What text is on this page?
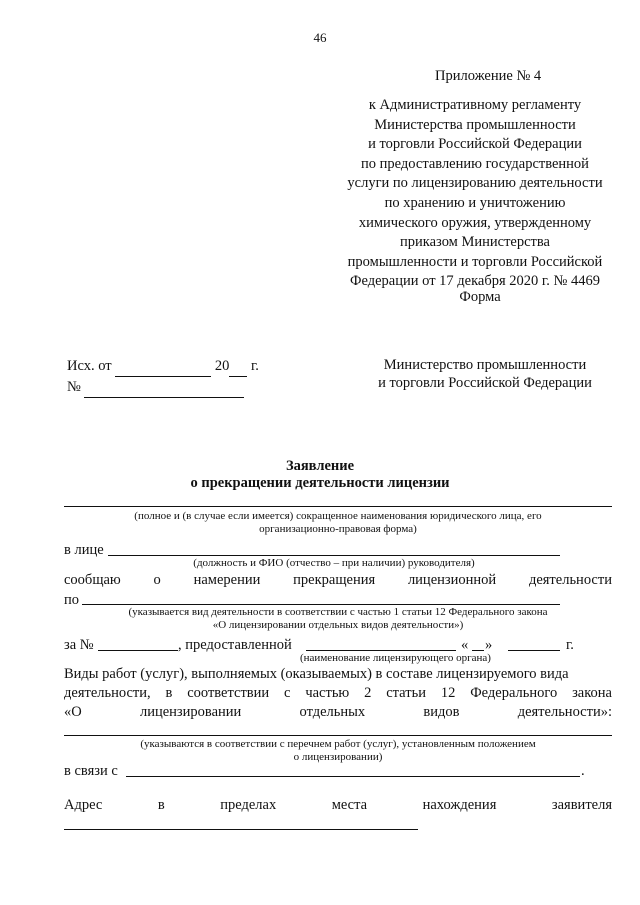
46
Приложение № 4
к Административному регламенту
Министерства промышленности
и торговли Российской Федерации
по предоставлению государственной
услуги по лицензированию деятельности
по хранению и уничтожению
химического оружия, утвержденному
приказом Министерства
промышленности и торговли Российской
Федерации от 17 декабря 2020 г. № 4469
Форма
Исх. от	20 г.
№
Министерство промышленности
и торговли Российской Федерации
Заявление
о прекращении деятельности лицензии
(полное и (в случае если имеется) сокращенное наименования юридического лица, его
организационно-правовая форма)
в лице
(должность и ФИО (отчество – при наличии) руководителя)
сообщаю о намерении прекращения лицензионной деятельности
по
(указывается вид деятельности в соответствии с частью 1 статьи 12 Федерального закона
«О лицензировании отдельных видов деятельности»)
за №	, предоставленной	« »	г.
(наименование лицензирующего органа)
Виды работ (услуг), выполняемых (оказываемых) в составе лицензируемого вида
деятельности, в соответствии с частью 2 статьи 12 Федерального закона
«О	лицензировании	отдельных	видов	деятельности»:
(указываются в соответствии с перечнем работ (услуг), установленным положением
о лицензировании)
в связи с	.
Адрес	в	пределах	места	нахождения	заявителя
